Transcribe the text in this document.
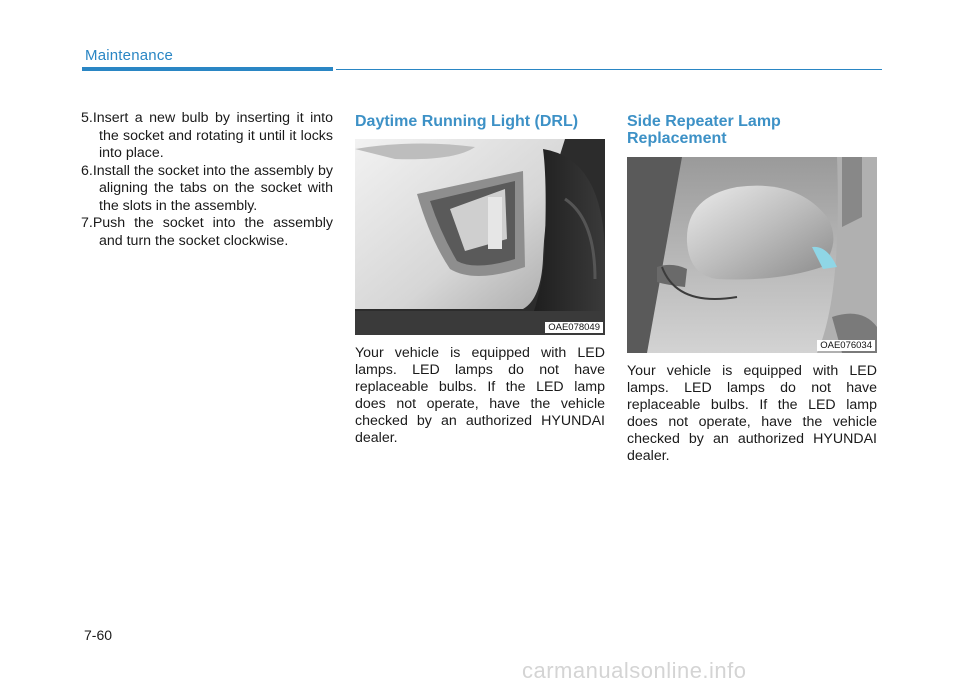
Maintenance
5.Insert a new bulb by inserting it into the socket and rotating it until it locks into place.
6.Install the socket into the assembly by aligning the tabs on the socket with the slots in the assembly.
7.Push the socket into the assembly and turn the socket clockwise.
Daytime Running Light (DRL)
OAE078049

Your vehicle is equipped with LED lamps. LED lamps do not have replaceable bulbs. If the LED lamp does not operate, have the vehicle checked by an authorized HYUNDAI dealer.

Side Repeater Lamp Replacement
OAE076034

Your vehicle is equipped with LED lamps. LED lamps do not have replaceable bulbs. If the LED lamp does not operate, have the vehicle checked by an authorized HYUNDAI dealer.

7-60
carmanualsonline.info
